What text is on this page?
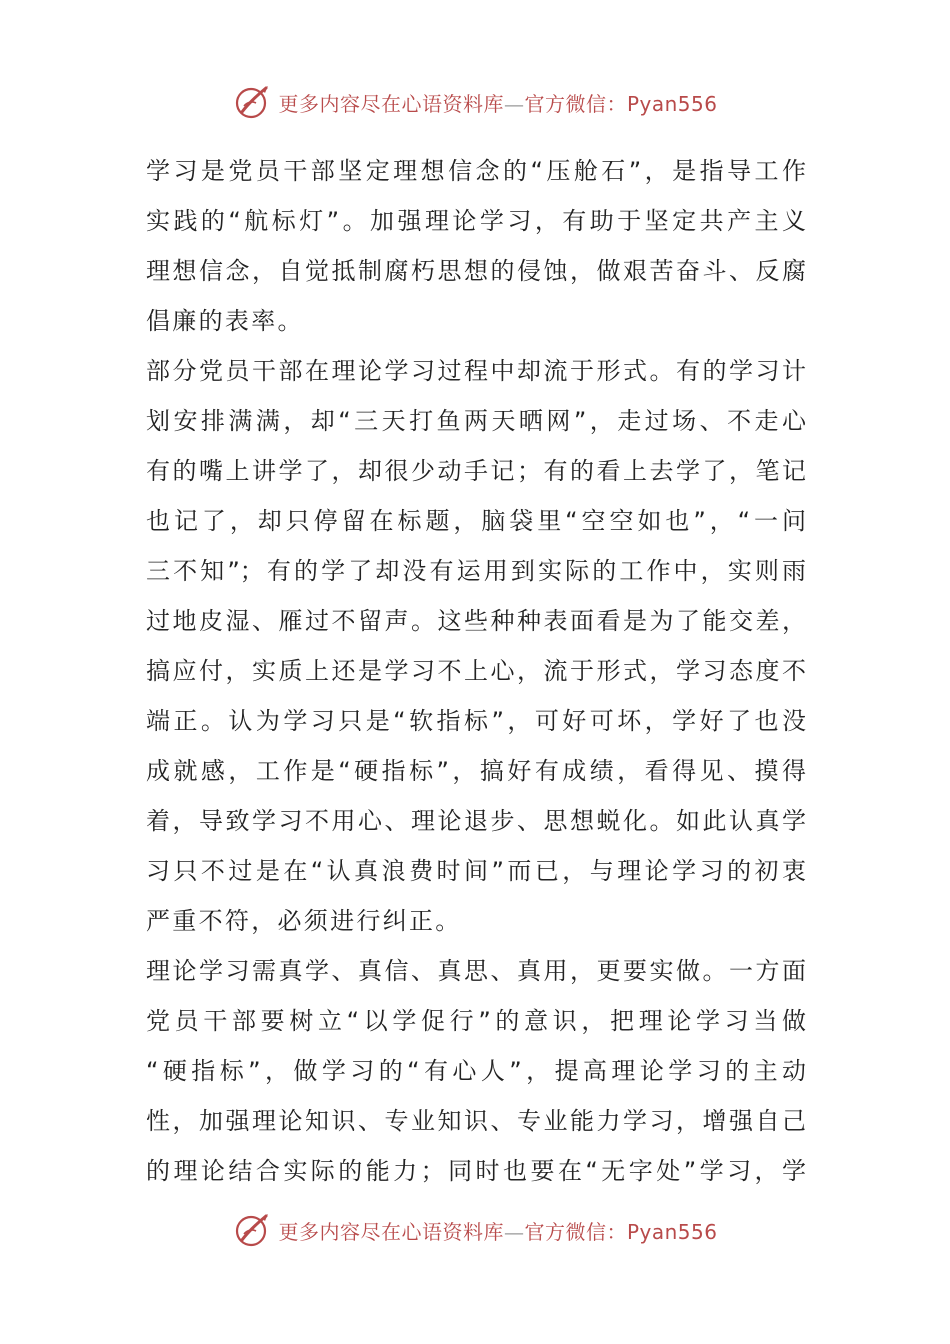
更多内容尽在心语资料库—官方微信：Pyan556
学习是党员干部坚定理想信念的“压舱石”，是指导工作
实践的“航标灯”。加强理论学习，有助于坚定共产主义
理想信念，自觉抵制腐朽思想的侵蚀，做艰苦奋斗、反腐
倡廉的表率。
部分党员干部在理论学习过程中却流于形式。有的学习计
划安排满满，却“三天打鱼两天晒网”，走过场、不走心
有的嘴上讲学了，却很少动手记；有的看上去学了，笔记
也记了，却只停留在标题，脑袋里“空空如也”，“一问
三不知”；有的学了却没有运用到实际的工作中，实则雨
过地皮湿、雁过不留声。这些种种表面看是为了能交差，
搞应付，实质上还是学习不上心，流于形式，学习态度不
端正。认为学习只是“软指标”，可好可坏，学好了也没
成就感，工作是“硬指标”，搞好有成绩，看得见、摸得
着，导致学习不用心、理论退步、思想蜕化。如此认真学
习只不过是在“认真浪费时间”而已，与理论学习的初衷
严重不符，必须进行纠正。
理论学习需真学、真信、真思、真用，更要实做。一方面
党员干部要树立“以学促行”的意识，把理论学习当做
“硬指标”，做学习的“有心人”，提高理论学习的主动
性，加强理论知识、专业知识、专业能力学习，增强自己
的理论结合实际的能力；同时也要在“无字处”学习，学
更多内容尽在心语资料库—官方微信：Pyan556
